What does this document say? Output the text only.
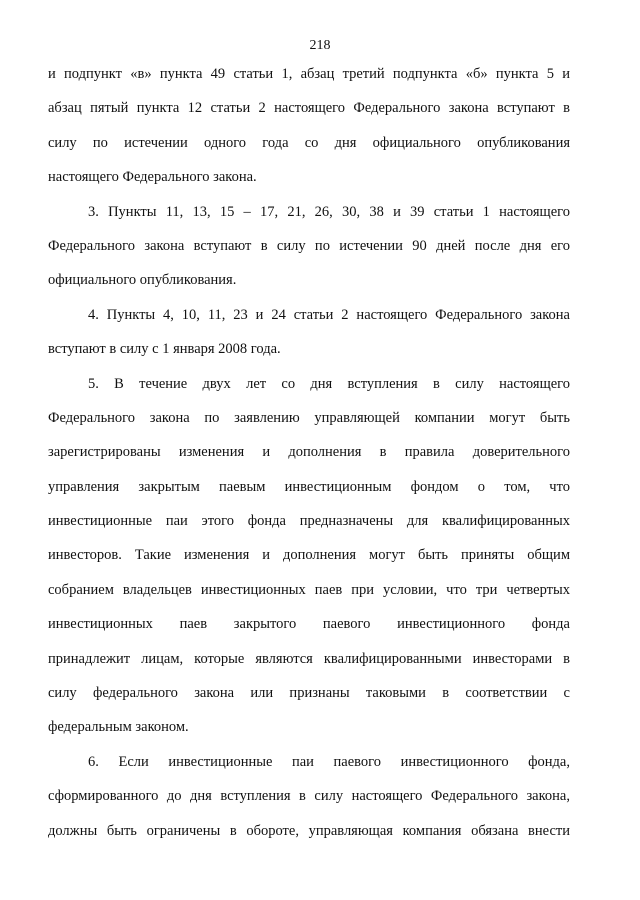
218
и подпункт «в» пункта 49 статьи 1, абзац третий подпункта «б» пункта 5 и
абзац пятый пункта 12 статьи 2 настоящего Федерального закона вступают в
силу по истечении одного года со дня официального опубликования
настоящего Федерального закона.
3. Пункты 11, 13, 15 – 17, 21, 26, 30, 38 и 39 статьи 1 настоящего
Федерального закона вступают в силу по истечении 90 дней после дня его
официального опубликования.
4. Пункты 4, 10, 11, 23 и 24 статьи 2 настоящего Федерального закона
вступают в силу с 1 января 2008 года.
5. В течение двух лет со дня вступления в силу настоящего
Федерального закона по заявлению управляющей компании могут быть
зарегистрированы изменения и дополнения в правила доверительного
управления закрытым паевым инвестиционным фондом о том, что
инвестиционные паи этого фонда предназначены для квалифицированных
инвесторов. Такие изменения и дополнения могут быть приняты общим
собранием владельцев инвестиционных паев при условии, что три четвертых
инвестиционных паев закрытого паевого инвестиционного фонда
принадлежит лицам, которые являются квалифицированными инвесторами в
силу федерального закона или признаны таковыми в соответствии с
федеральным законом.
6. Если инвестиционные паи паевого инвестиционного фонда,
сформированного до дня вступления в силу настоящего Федерального закона,
должны быть ограничены в обороте, управляющая компания обязана внести
